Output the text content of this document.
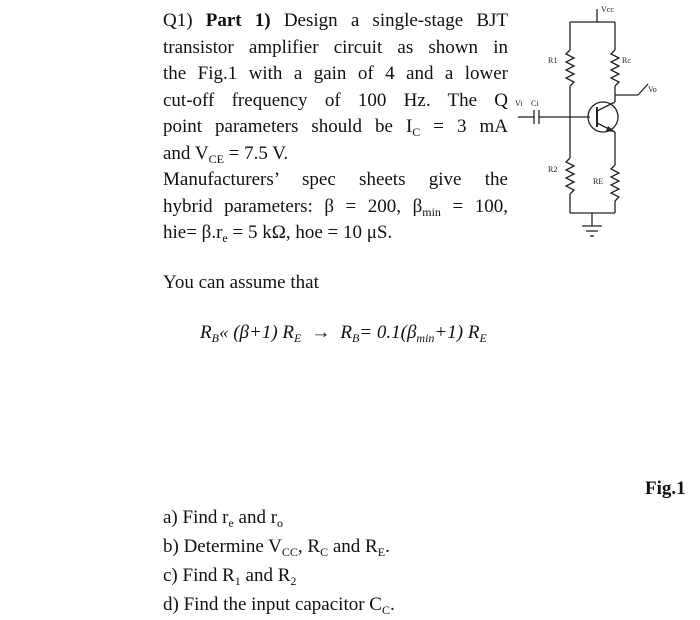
Q1) Part 1) Design a single-stage BJT
transistor amplifier circuit as shown in
the Fig.1 with a gain of 4 and a lower
cut-off frequency of 100 Hz. The Q
point parameters should be $I_C = 3$ mA
and $V_{CE} = 7.5$ V.
Manufacturers’ spec sheets give the
hybrid parameters: β = 200, $\beta_{min} = 100$,
$hie= \beta.r_e = 5$ kΩ, hoe = 10 μS.
You can assume that
$R_B«$ (β+1) $R_E \to R_B= 0.1(\beta_{min}+1)$ $R_E$
a) Find $r_e$ and $r_o$
b) Determine $V_{CC}$, $R_C$ and $R_E$.
c) Find $R_1$ and $R_2$
d) Find the input capacitor $C_C$.
Fig.1
Vcc
R1	Rc
Vi Ci
Vo
R2
RE
